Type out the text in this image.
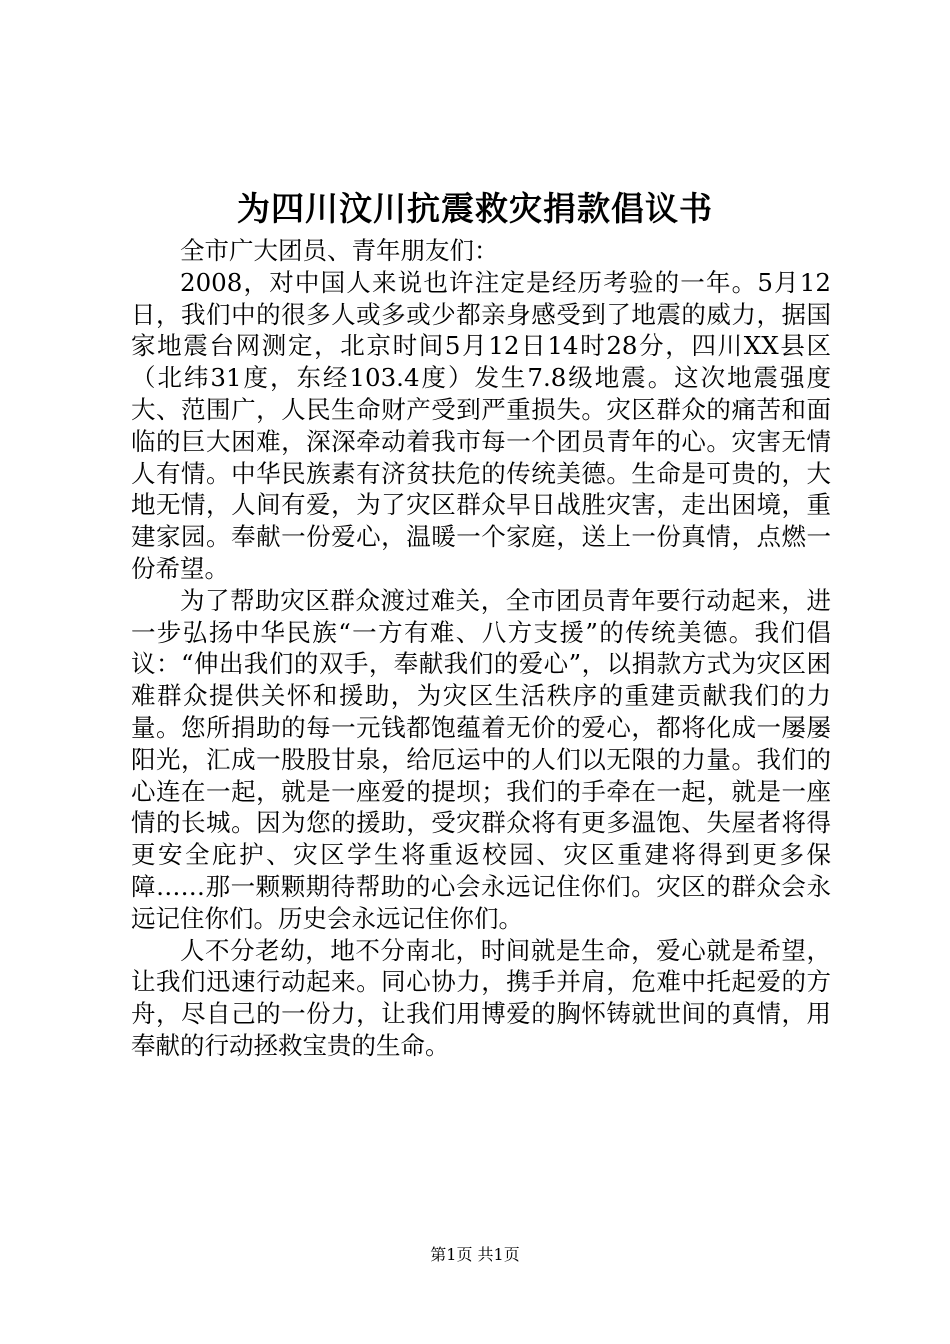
为四川汶川抗震救灾捐款倡议书

全市广大团员、青年朋友们：

2008，对中国人来说也许注定是经历考验的一年。5月12日，我们中的很多人或多或少都亲身感受到了地震的威力，据国家地震台网测定，北京时间5月12日14时28分，四川XX县区（北纬31度，东经103.4度）发生7.8级地震。这次地震强度大、范围广，人民生命财产受到严重损失。灾区群众的痛苦和面临的巨大困难，深深牵动着我市每一个团员青年的心。灾害无情人有情。中华民族素有济贫扶危的传统美德。生命是可贵的，大地无情，人间有爱，为了灾区群众早日战胜灾害，走出困境，重建家园。奉献一份爱心，温暖一个家庭，送上一份真情，点燃一份希望。

为了帮助灾区群众渡过难关，全市团员青年要行动起来，进一步弘扬中华民族“一方有难、八方支援”的传统美德。我们倡议：“伸出我们的双手，奉献我们的爱心”，以捐款方式为灾区困难群众提供关怀和援助，为灾区生活秩序的重建贡献我们的力量。您所捐助的每一元钱都饱蕴着无价的爱心，都将化成一屡屡阳光，汇成一股股甘泉，给厄运中的人们以无限的力量。我们的心连在一起，就是一座爱的提坝；我们的手牵在一起，就是一座情的长城。因为您的援助，受灾群众将有更多温饱、失屋者将得更安全庇护、灾区学生将重返校园、灾区重建将得到更多保障……那一颗颗期待帮助的心会永远记住你们。灾区的群众会永远记住你们。历史会永远记住你们。

人不分老幼，地不分南北，时间就是生命，爱心就是希望，让我们迅速行动起来。同心协力，携手并肩，危难中托起爱的方舟，尽自己的一份力，让我们用博爱的胸怀铸就世间的真情，用奉献的行动拯救宝贵的生命。

第1页 共1页
